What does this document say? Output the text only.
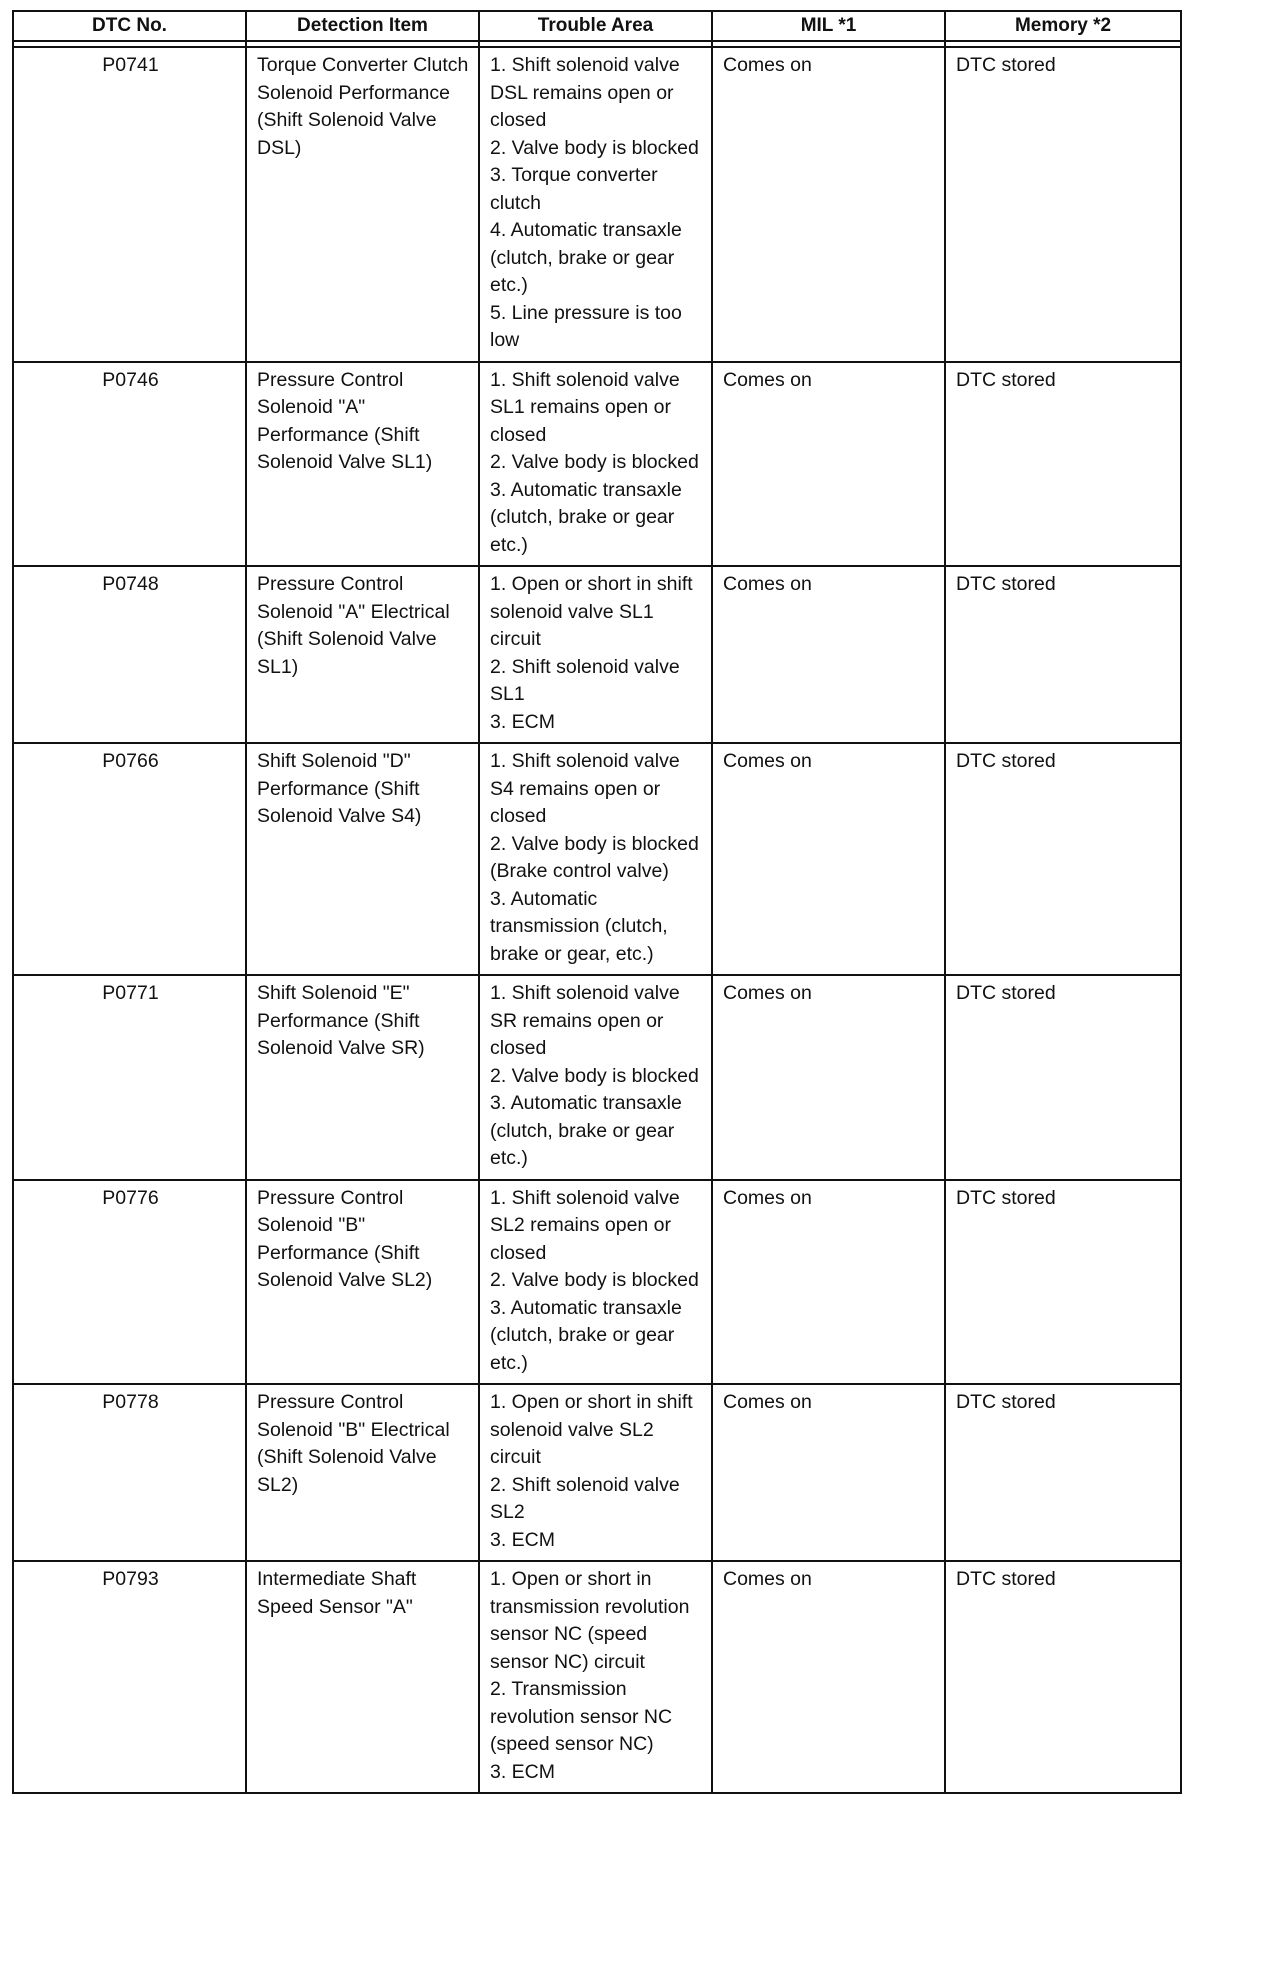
DTC No.	Detection Item	Trouble Area	MIL *1	Memory *2

P0741	Torque Converter Clutch Solenoid Performance (Shift Solenoid Valve DSL)	1. Shift solenoid valve DSL remains open or closed
2. Valve body is blocked
3. Torque converter clutch
4. Automatic transaxle (clutch, brake or gear etc.)
5. Line pressure is too low	Comes on	DTC stored
P0746	Pressure Control Solenoid "A" Performance (Shift Solenoid Valve SL1)	1. Shift solenoid valve SL1 remains open or closed
2. Valve body is blocked
3. Automatic transaxle (clutch, brake or gear etc.)	Comes on	DTC stored
P0748	Pressure Control Solenoid "A" Electrical (Shift Solenoid Valve SL1)	1. Open or short in shift solenoid valve SL1 circuit
2. Shift solenoid valve SL1
3. ECM	Comes on	DTC stored
P0766	Shift Solenoid "D" Performance (Shift Solenoid Valve S4)	1. Shift solenoid valve S4 remains open or closed
2. Valve body is blocked (Brake control valve)
3. Automatic transmission (clutch, brake or gear, etc.)	Comes on	DTC stored
P0771	Shift Solenoid "E" Performance (Shift Solenoid Valve SR)	1. Shift solenoid valve SR remains open or closed
2. Valve body is blocked
3. Automatic transaxle (clutch, brake or gear etc.)	Comes on	DTC stored
P0776	Pressure Control Solenoid "B" Performance (Shift Solenoid Valve SL2)	1. Shift solenoid valve SL2 remains open or closed
2. Valve body is blocked
3. Automatic transaxle (clutch, brake or gear etc.)	Comes on	DTC stored
P0778	Pressure Control Solenoid "B" Electrical (Shift Solenoid Valve SL2)	1. Open or short in shift solenoid valve SL2 circuit
2. Shift solenoid valve SL2
3. ECM	Comes on	DTC stored
P0793	Intermediate Shaft Speed Sensor "A"	1. Open or short in transmission revolution sensor NC (speed sensor NC) circuit
2. Transmission revolution sensor NC (speed sensor NC)
3. ECM	Comes on	DTC stored
